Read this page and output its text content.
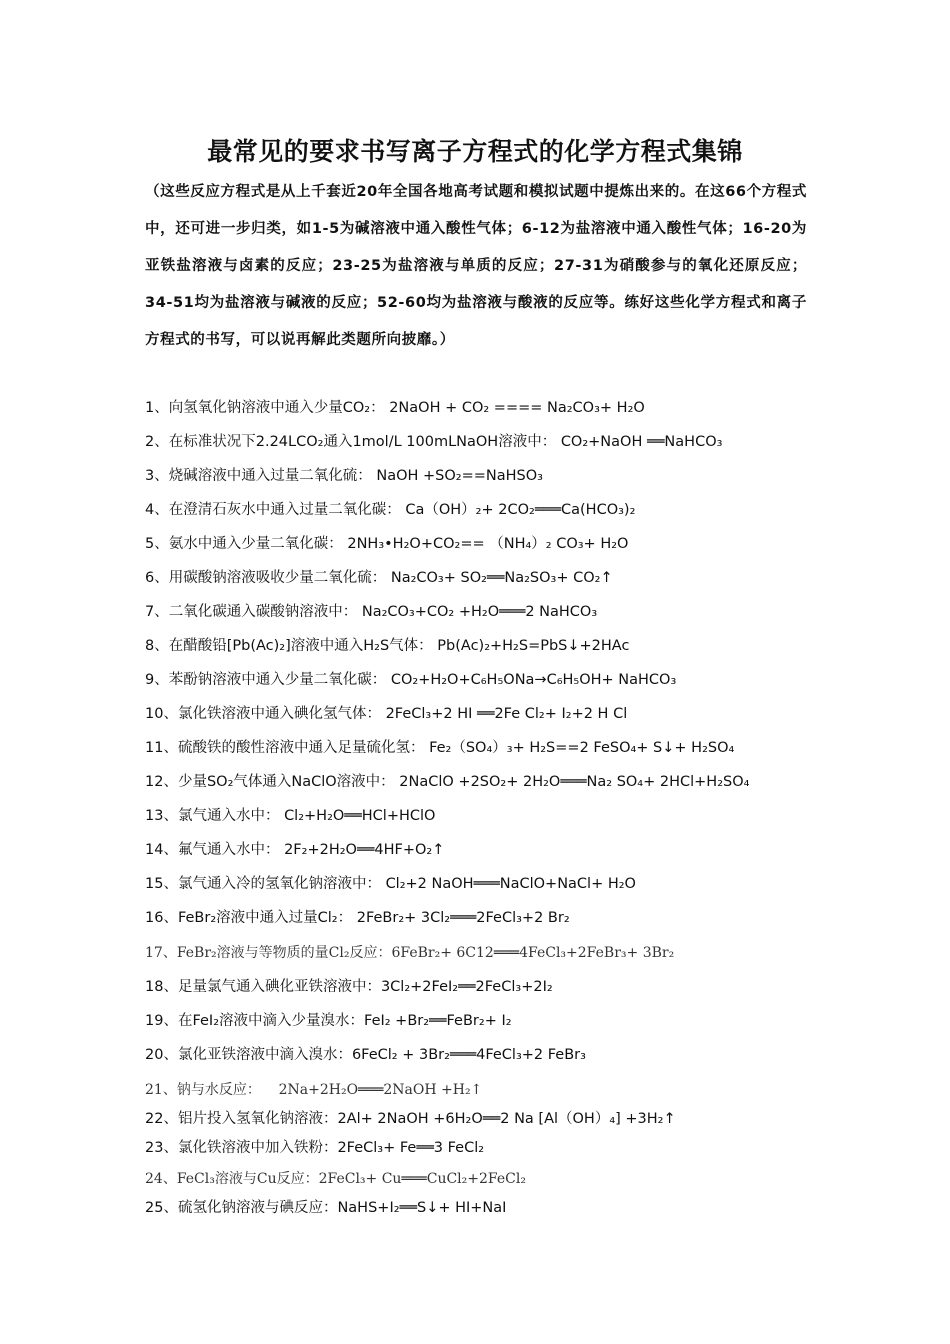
最常见的要求书写离子方程式的化学方程式集锦
（这些反应方程式是从上千套近20年全国各地高考试题和模拟试题中提炼出来的。在这66个方程式中，还可进一步归类，如1-5为碱溶液中通入酸性气体；6-12为盐溶液中通入酸性气体；16-20为亚铁盐溶液与卤素的反应；23-25为盐溶液与单质的反应；27-31为硝酸参与的氧化还原反应；34-51均为盐溶液与碱液的反应；52-60均为盐溶液与酸液的反应等。练好这些化学方程式和离子方程式的书写，可以说再解此类题所向披靡。）
1、向氢氧化钠溶液中通入少量CO₂： 2NaOH + CO₂ ==== Na₂CO₃+ H₂O
2、在标准状况下2.24LCO₂通入1mol/L 100mLNaOH溶液中： CO₂+NaOH ══NaHCO₃
3、烧碱溶液中通入过量二氧化硫： NaOH +SO₂==NaHSO₃
4、在澄清石灰水中通入过量二氧化碳： Ca（OH）₂+ 2CO₂═══Ca(HCO₃)₂
5、氨水中通入少量二氧化碳： 2NH₃•H₂O+CO₂== （NH₄）₂ CO₃+ H₂O
6、用碳酸钠溶液吸收少量二氧化硫： Na₂CO₃+ SO₂══Na₂SO₃+ CO₂↑
7、二氧化碳通入碳酸钠溶液中： Na₂CO₃+CO₂ +H₂O═══2 NaHCO₃
8、在醋酸铅[Pb(Ac)₂]溶液中通入H₂S气体： Pb(Ac)₂+H₂S=PbS↓+2HAc
9、苯酚钠溶液中通入少量二氧化碳： CO₂+H₂O+C₆H₅ONa→C₆H₅OH+ NaHCO₃
10、氯化铁溶液中通入碘化氢气体： 2FeCl₃+2 HI ══2Fe Cl₂+ I₂+2 H Cl
11、硫酸铁的酸性溶液中通入足量硫化氢： Fe₂（SO₄）₃+ H₂S==2 FeSO₄+ S↓+ H₂SO₄
12、少量SO₂气体通入NaClO溶液中： 2NaClO +2SO₂+ 2H₂O═══Na₂ SO₄+ 2HCl+H₂SO₄
13、氯气通入水中： Cl₂+H₂O══HCl+HClO
14、氟气通入水中： 2F₂+2H₂O══4HF+O₂↑
15、氯气通入冷的氢氧化钠溶液中： Cl₂+2 NaOH═══NaClO+NaCl+ H₂O
16、FeBr₂溶液中通入过量Cl₂： 2FeBr₂+ 3Cl₂═══2FeCl₃+2 Br₂
17、FeBr₂溶液与等物质的量Cl₂反应：6FeBr₂+ 6C12═══4FeCl₃+2FeBr₃+ 3Br₂
18、足量氯气通入碘化亚铁溶液中：3Cl₂+2FeI₂══2FeCl₃+2I₂
19、在FeI₂溶液中滴入少量溴水：FeI₂ +Br₂══FeBr₂+ I₂
20、氯化亚铁溶液中滴入溴水：6FeCl₂ + 3Br₂═══4FeCl₃+2 FeBr₃
21、钠与水反应： 2Na+2H₂O═══2NaOH +H₂↑
22、铝片投入氢氧化钠溶液：2Al+ 2NaOH +6H₂O══2 Na [Al（OH）₄] +3H₂↑
23、氯化铁溶液中加入铁粉：2FeCl₃+ Fe══3 FeCl₂
24、FeCl₃溶液与Cu反应：2FeCl₃+ Cu═══CuCl₂+2FeCl₂
25、硫氢化钠溶液与碘反应：NaHS+I₂══S↓+ HI+NaI
